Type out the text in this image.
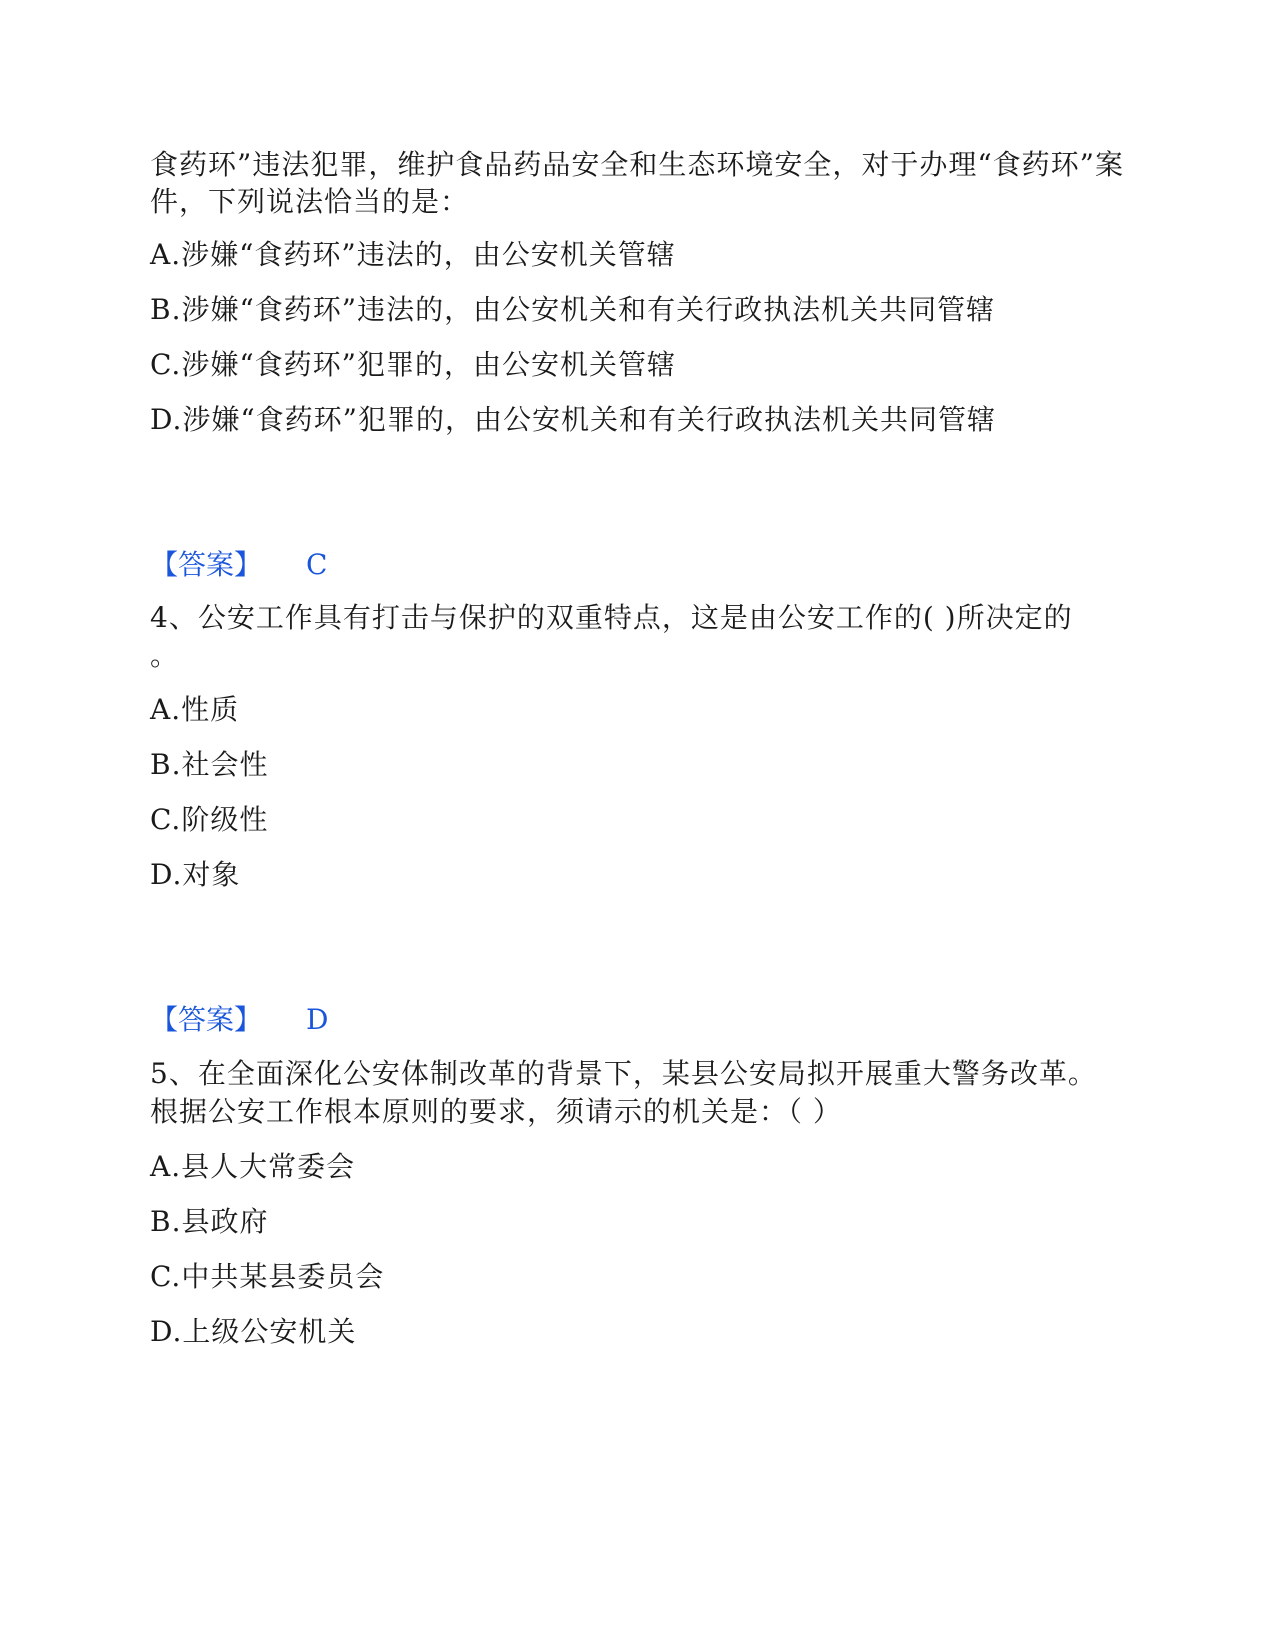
食药环”违法犯罪，维护食品药品安全和生态环境安全，对于办理“食药环”案
件，下列说法恰当的是：
A.涉嫌“食药环”违法的，由公安机关管辖
B.涉嫌“食药环”违法的，由公安机关和有关行政执法机关共同管辖
C.涉嫌“食药环”犯罪的，由公安机关管辖
D.涉嫌“食药环”犯罪的，由公安机关和有关行政执法机关共同管辖
【答案】 C
4、公安工作具有打击与保护的双重特点，这是由公安工作的( )所决定的
。
A.性质
B.社会性
C.阶级性
D.对象
【答案】 D
5、在全面深化公安体制改革的背景下，某县公安局拟开展重大警务改革。
根据公安工作根本原则的要求，须请示的机关是：（ ）
A.县人大常委会
B.县政府
C.中共某县委员会
D.上级公安机关
